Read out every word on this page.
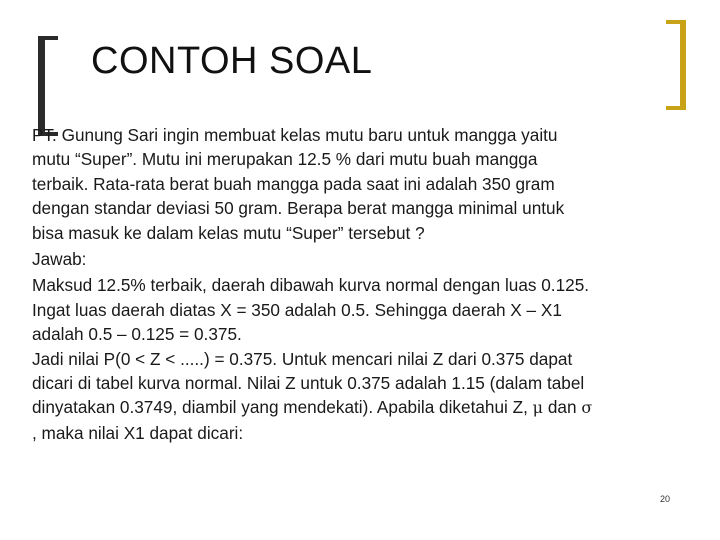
CONTOH SOAL
PT. Gunung Sari ingin membuat kelas mutu baru untuk mangga yaitu
mutu “Super”. Mutu ini merupakan 12.5 % dari mutu buah mangga
terbaik. Rata-rata berat buah mangga pada saat ini adalah 350 gram
dengan standar deviasi 50 gram. Berapa berat mangga minimal untuk
bisa masuk ke dalam kelas mutu “Super” tersebut ?
Jawab:
Maksud 12.5% terbaik, daerah dibawah kurva normal dengan luas 0.125.
Ingat luas daerah diatas X = 350 adalah 0.5. Sehingga daerah X – X1
adalah 0.5 – 0.125 = 0.375.
Jadi nilai P(0 < Z < .....) = 0.375. Untuk mencari nilai Z dari 0.375 dapat
dicari di tabel kurva normal. Nilai Z untuk 0.375 adalah 1.15 (dalam tabel
dinyatakan 0.3749, diambil yang mendekati). Apabila diketahui Z, μ dan σ
, maka nilai X1 dapat dicari:
20
